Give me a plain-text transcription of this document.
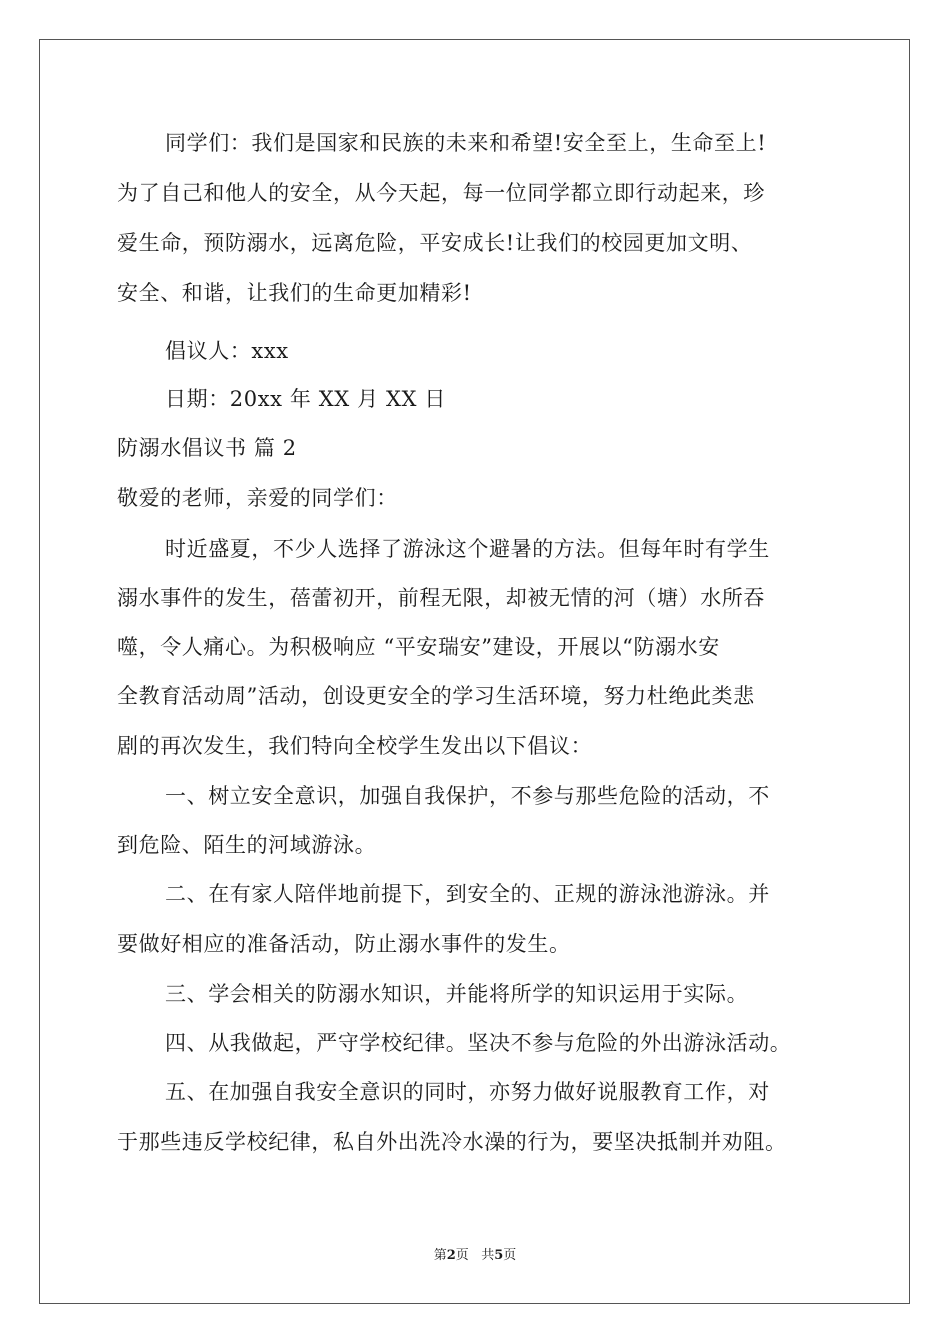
同学们：我们是国家和民族的未来和希望!安全至上，生命至上!
为了自己和他人的安全，从今天起，每一位同学都立即行动起来，珍
爱生命，预防溺水，远离危险，平安成长!让我们的校园更加文明、
安全、和谐，让我们的生命更加精彩!
倡议人：xxx
日期：20xx 年 XX 月 XX 日
防溺水倡议书 篇 2
敬爱的老师，亲爱的同学们：
时近盛夏，不少人选择了游泳这个避暑的方法。但每年时有学生
溺水事件的发生，蓓蕾初开，前程无限，却被无情的河（塘）水所吞
噬，令人痛心。为积极响应 “平安瑞安”建设，开展以“防溺水安
全教育活动周”活动，创设更安全的学习生活环境，努力杜绝此类悲
剧的再次发生，我们特向全校学生发出以下倡议：
一、树立安全意识，加强自我保护，不参与那些危险的活动，不
到危险、陌生的河域游泳。
二、在有家人陪伴地前提下，到安全的、正规的游泳池游泳。并
要做好相应的准备活动，防止溺水事件的发生。
三、学会相关的防溺水知识，并能将所学的知识运用于实际。
四、从我做起，严守学校纪律。坚决不参与危险的外出游泳活动。
五、在加强自我安全意识的同时，亦努力做好说服教育工作，对
于那些违反学校纪律，私自外出洗冷水澡的行为，要坚决抵制并劝阻。
第2页 共5页
